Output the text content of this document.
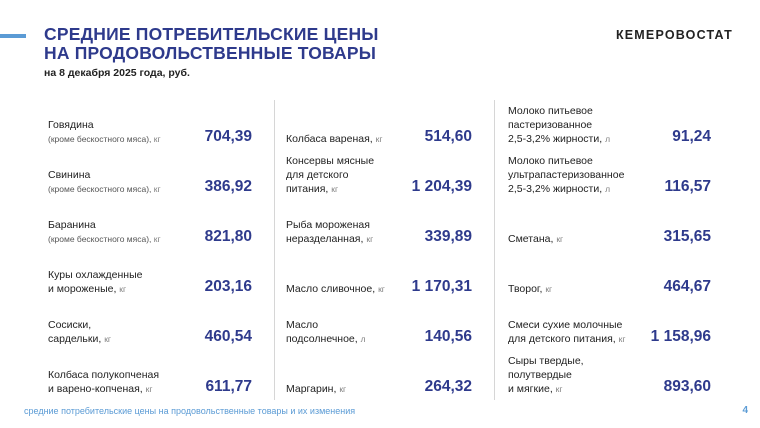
СРЕДНИЕ ПОТРЕБИТЕЛЬСКИЕ ЦЕНЫ
НА ПРОДОВОЛЬСТВЕННЫЕ ТОВАРЫ
на 8 декабря 2025 года, руб.
КЕМЕРОВОСТАТ
Говядина
(кроме бескостного мяса), кг	704,39
Свинина
(кроме бескостного мяса), кг	386,92
Баранина
(кроме бескостного мяса), кг	821,80
Куры охлажденные
и мороженые, кг	203,16
Сосиски,
сардельки, кг	460,54
Колбаса полукопченая
и варено-копченая, кг	611,77
Колбаса вареная, кг	514,60
Консервы мясные
для детского
питания, кг	1 204,39
Рыба мороженая
неразделанная, кг	339,89
Масло сливочное, кг 1 170,31
Масло
подсолнечное, л	140,56
Маргарин, кг	264,32
Молоко питьевое
пастеризованное
2,5-3,2% жирности, л	91,24
Молоко питьевое
ультрапастеризованное
2,5-3,2% жирности, л	116,57
Сметана, кг	315,65
Творог, кг	464,67
Смеси сухие молочные
для детского питания, кг 1 158,96
Сыры твердые,
полутвердые
и мягкие, кг	893,60
средние потребительские цены на продовольственные товары и их изменения	4
